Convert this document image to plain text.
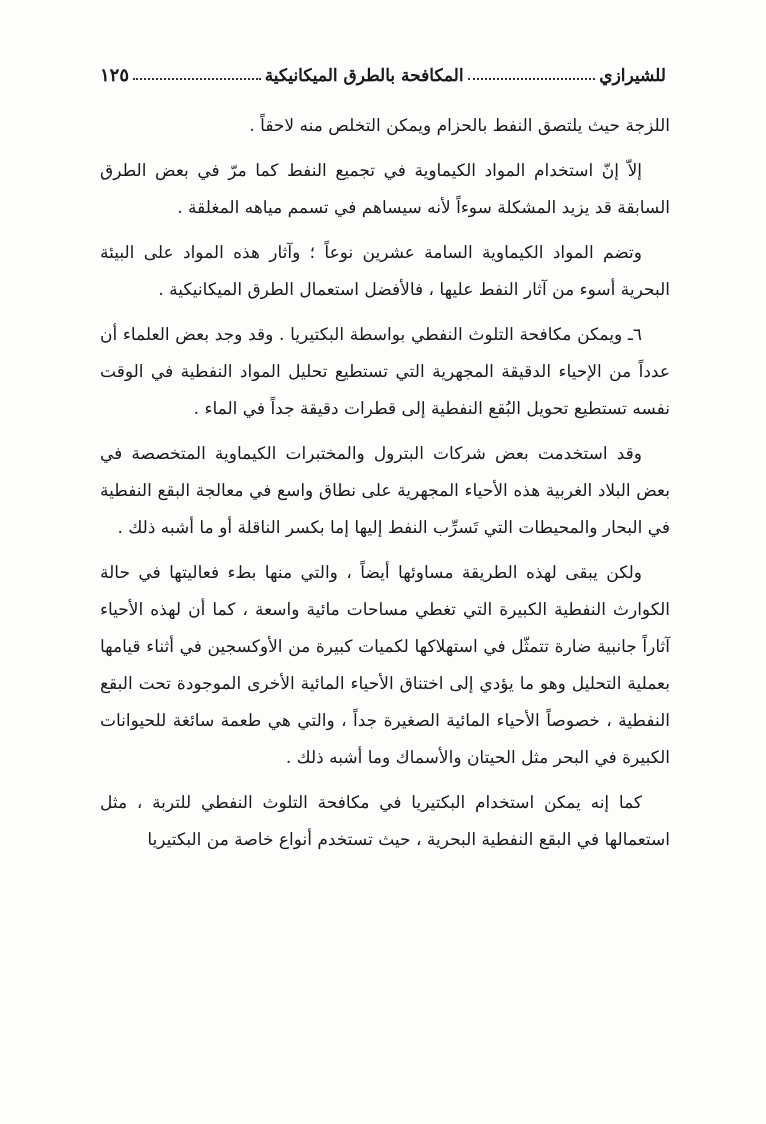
للشيرازي
المكافحة بالطرق الميكانيكية
١٢٥

اللزجة حيث يلتصق النفط بالحزام ويمكن التخلص منه لاحقاً .

إلاّ إنّ استخدام المواد الكيماوية في تجميع النفط كما مرّ في بعض الطرق السابقة قد يزيد المشكلة سوءاً لأنه سيساهم في تسمم مياهه المغلقة .

وتضم المواد الكيماوية السامة عشرين نوعاً ؛ وآثار هذه المواد على البيئة البحرية أسوء من آثار النفط عليها ، فالأفضل استعمال الطرق الميكانيكية .

٦ـ ويمكن مكافحة التلوث النفطي بواسطة البكتيريا . وقد وجد بعض العلماء أن عدداً من الإحياء الدقيقة المجهرية التي تستطيع تحليل المواد النفطية في الوقت نفسه تستطيع تحويل البُقع النفطية إلى قطرات دقيقة جداً في الماء .

وقد استخدمت بعض شركات البترول والمختبرات الكيماوية المتخصصة في بعض البلاد الغربية هذه الأحياء المجهرية على نطاق واسع في معالجة البقع النفطية في البحار والمحيطات التي تَسرِّب النفط إليها إما بكسر الناقلة أو ما أشبه ذلك .

ولكن يبقى لهذه الطريقة مساوئها أيضاً ، والتي منها بطء فعاليتها في حالة الكوارث النفطية الكبيرة التي تغطي مساحات مائية واسعة ، كما أن لهذه الأحياء آثاراً جانبية ضارة تتمثّل في استهلاكها لكميات كبيرة من الأوكسجين في أثناء قيامها بعملية التحليل وهو ما يؤدي إلى اختناق الأحياء المائية الأخرى الموجودة تحت البقع النفطية ، خصوصاً الأحياء المائية الصغيرة جداً ، والتي هي طعمة سائغة للحيوانات الكبيرة في البحر مثل الحيتان والأسماك وما أشبه ذلك .

كما إنه يمكن استخدام البكتيريا في مكافحة التلوث النفطي للتربة ، مثل استعمالها في البقع النفطية البحرية ، حيث تستخدم أنواع خاصة من البكتيريا
